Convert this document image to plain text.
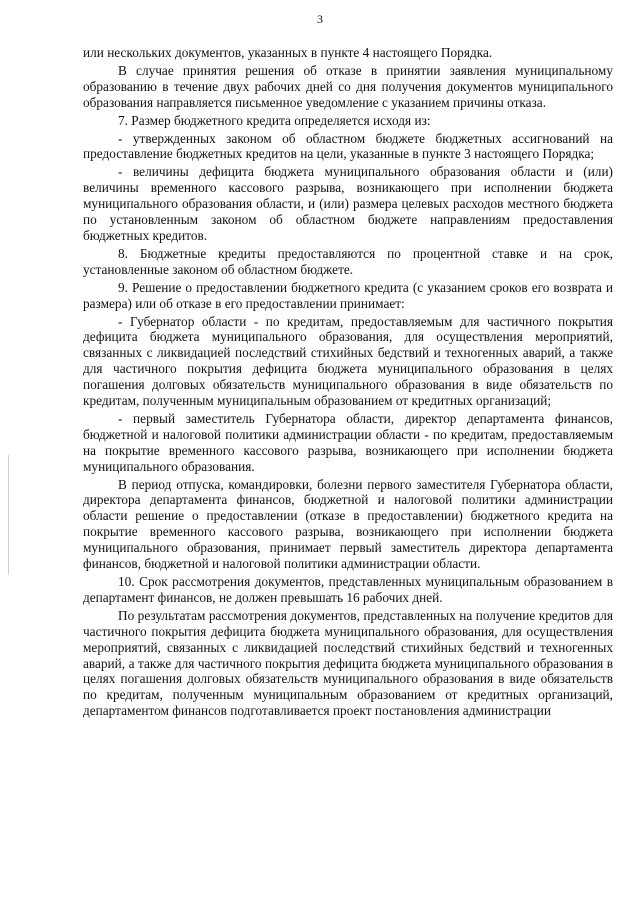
3

или нескольких документов, указанных в пункте 4 настоящего Порядка.

В случае принятия решения об отказе в принятии заявления муниципальному образованию в течение двух рабочих дней со дня получения документов муниципального образования направляется письменное уведомление с указанием причины отказа.

7. Размер бюджетного кредита определяется исходя из:

- утвержденных законом об областном бюджете бюджетных ассигнований на предоставление бюджетных кредитов на цели, указанные в пункте 3 настоящего Порядка;

- величины дефицита бюджета муниципального образования области и (или) величины временного кассового разрыва, возникающего при исполнении бюджета муниципального образования области, и (или) размера целевых расходов местного бюджета по установленным законом об областном бюджете направлениям предоставления бюджетных кредитов.

8. Бюджетные кредиты предоставляются по процентной ставке и на срок, установленные законом об областном бюджете.

9. Решение о предоставлении бюджетного кредита (с указанием сроков его возврата и размера) или об отказе в его предоставлении принимает:

- Губернатор области - по кредитам, предоставляемым для частичного покрытия дефицита бюджета муниципального образования, для осуществления мероприятий, связанных с ликвидацией последствий стихийных бедствий и техногенных аварий, а также для частичного покрытия дефицита бюджета муниципального образования в целях погашения долговых обязательств муниципального образования в виде обязательств по кредитам, полученным муниципальным образованием от кредитных организаций;

- первый заместитель Губернатора области, директор департамента финансов, бюджетной и налоговой политики администрации области - по кредитам, предоставляемым на покрытие временного кассового разрыва, возникающего при исполнении бюджета муниципального образования.

В период отпуска, командировки, болезни первого заместителя Губернатора области, директора департамента финансов, бюджетной и налоговой политики администрации области решение о предоставлении (отказе в предоставлении) бюджетного кредита на покрытие временного кассового разрыва, возникающего при исполнении бюджета муниципального образования, принимает первый заместитель директора департамента финансов, бюджетной и налоговой политики администрации области.

10. Срок рассмотрения документов, представленных муниципальным образованием в департамент финансов, не должен превышать 16 рабочих дней.

По результатам рассмотрения документов, представленных на получение кредитов для частичного покрытия дефицита бюджета муниципального образования, для осуществления мероприятий, связанных с ликвидацией последствий стихийных бедствий и техногенных аварий, а также для частичного покрытия дефицита бюджета муниципального образования в целях погашения долговых обязательств муниципального образования в виде обязательств по кредитам, полученным муниципальным образованием от кредитных организаций, департаментом финансов подготавливается проект постановления администрации
